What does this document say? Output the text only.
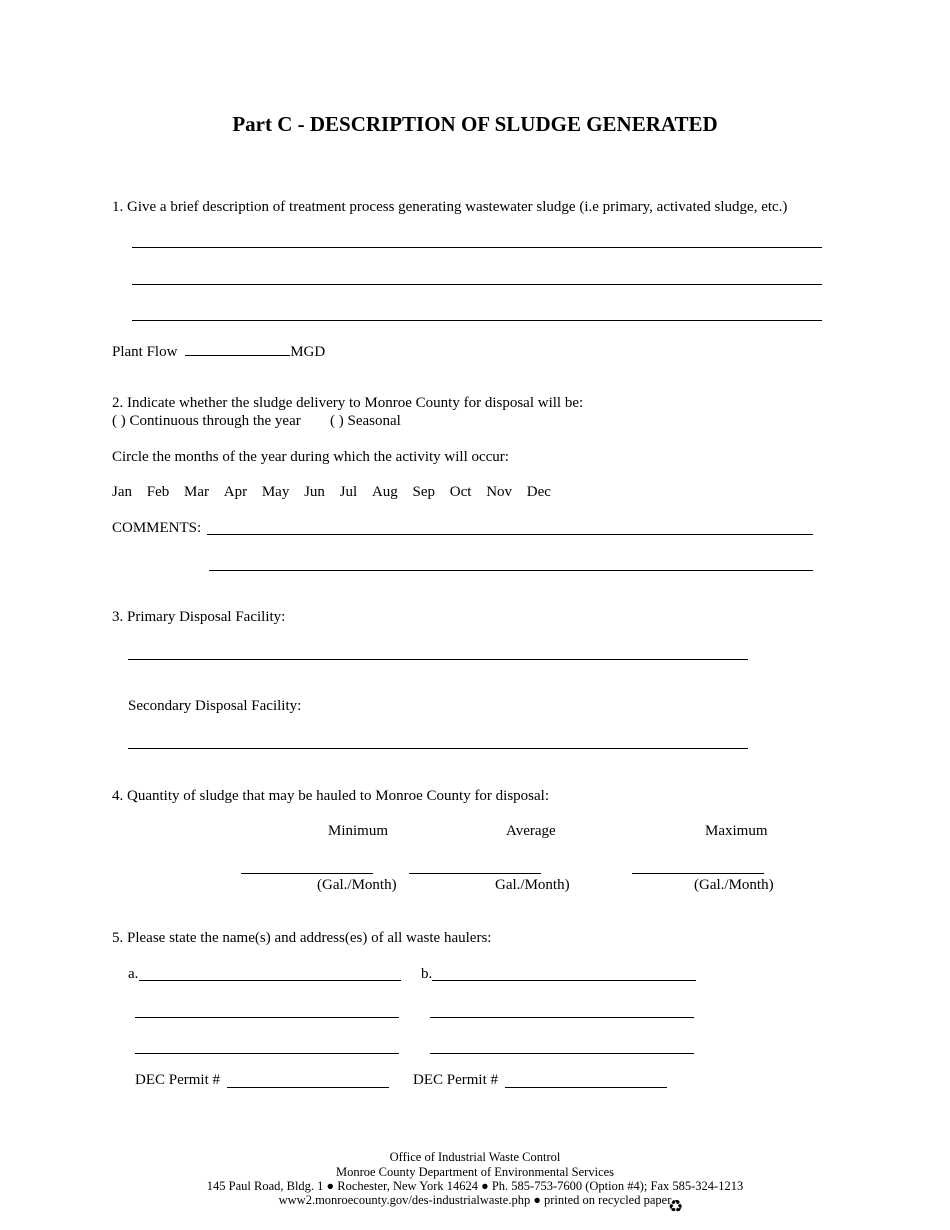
Part C - DESCRIPTION OF SLUDGE GENERATED
1. Give a brief description of treatment process generating wastewater sludge (i.e primary, activated sludge, etc.)
Plant Flow	MGD
2. Indicate whether the sludge delivery to Monroe County for disposal will be:
( ) Continuous through the year ( ) Seasonal
Circle the months of the year during which the activity will occur:
Jan Feb Mar Apr May Jun Jul Aug Sep Oct Nov Dec
COMMENTS:
3. Primary Disposal Facility:
Secondary Disposal Facility:
4. Quantity of sludge that may be hauled to Monroe County for disposal:
Minimum	Average	Maximum
(Gal./Month)	Gal./Month)	(Gal./Month)
5. Please state the name(s) and address(es) of all waste haulers:
a.	b.
DEC Permit #	DEC Permit #
Office of Industrial Waste Control
Monroe County Department of Environmental Services
145 Paul Road, Bldg. 1 ● Rochester, New York 14624 ● Ph. 585-753-7600 (Option #4); Fax 585-324-1213
www2.monroecounty.gov/des-industrialwaste.php ● printed on recycled paper
♻
